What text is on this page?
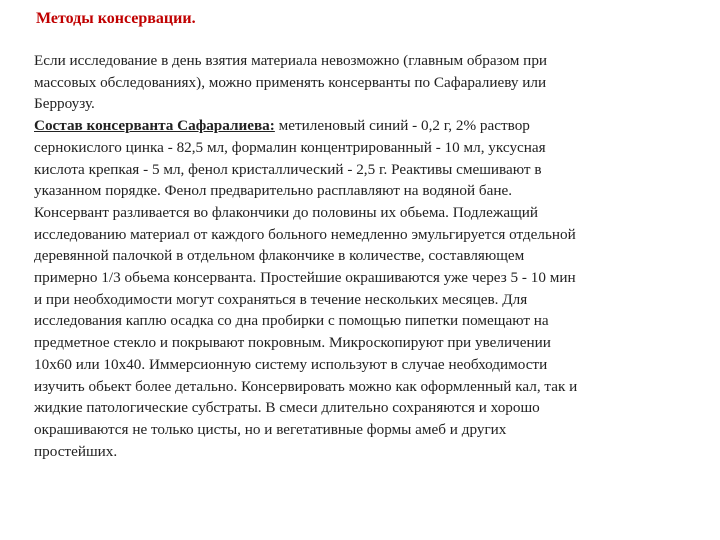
Методы консервации.

Если исследование в день взятия материала невозможно (главным образом при
массовых обследованиях), можно применять консерванты по Сафаралиеву или
Берроузу.

Состав консерванта Сафаралиева: метиленовый синий - 0,2 г, 2% раствор
сернокислого цинка - 82,5 мл, формалин концентрированный - 10 мл, уксусная
кислота крепкая - 5 мл, фенол кристаллический - 2,5 г. Реактивы смешивают в
указанном порядке. Фенол предварительно расплавляют на водяной бане.
Консервант разливается во флакончики до половины их обьема. Подлежащий
исследованию материал от каждого больного немедленно эмульгируется отдельной
деревянной палочкой в отдельном флакончике в количестве, составляющем
примерно 1/3 обьема консерванта. Простейшие окрашиваются уже через 5 - 10 мин
и при необходимости могут сохраняться в течение нескольких месяцев. Для
исследования каплю осадка со дна пробирки с помощью пипетки помещают на
предметное стекло и покрывают покровным. Микроскопируют при увеличении
10х60 или 10х40. Иммерсионную систему используют в случае необходимости
изучить обьект более детально. Консервировать можно как оформленный кал, так и
жидкие патологические субстраты. В смеси длительно сохраняются и хорошо
окрашиваются не только цисты, но и вегетативные формы амеб и других
простейших.
